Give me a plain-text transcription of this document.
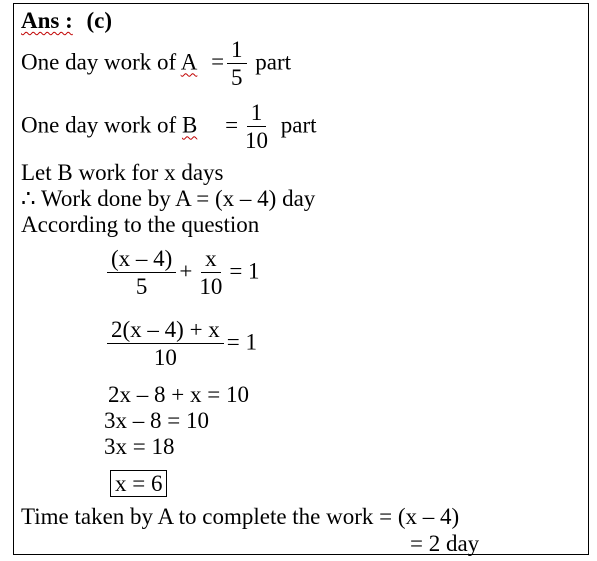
Ans : (c)
One day work of $A = \frac{1}{5}$ part
One day work of $B = \frac{1}{10}$ part
Let B work for x days
∴ Work done by A = (x – 4) day
According to the question
$\frac{(x - 4)}{5} + \frac{x}{10} = 1$
$\frac{2(x - 4) + x}{10} = 1$
2x – 8 + x = 10
3x – 8 = 10
3x = 18
x = 6
Time taken by A to complete the work = (x – 4)
= 2 day
